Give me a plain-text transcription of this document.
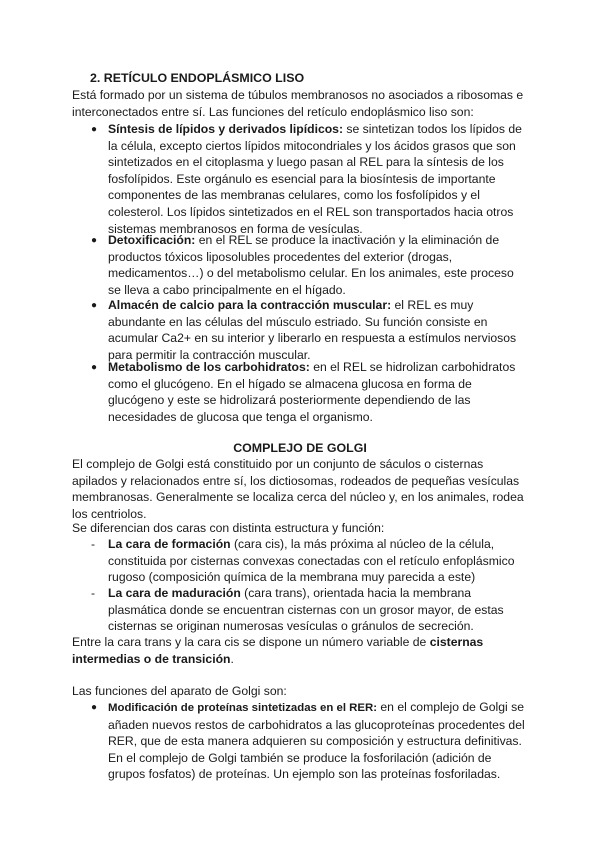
2. RETÍCULO ENDOPLÁSMICO LISO

Está formado por un sistema de túbulos membranosos no asociados a ribosomas e interconectados entre sí. Las funciones del retículo endoplásmico liso son:

● Síntesis de lípidos y derivados lipídicos: se sintetizan todos los lípidos de la célula, excepto ciertos lípidos mitocondriales y los ácidos grasos que son sintetizados en el citoplasma y luego pasan al REL para la síntesis de los fosfolípidos. Este orgánulo es esencial para la biosíntesis de importante componentes de las membranas celulares, como los fosfolípidos y el colesterol. Los lípidos sintetizados en el REL son transportados hacia otros sistemas membranosos en forma de vesículas.

● Detoxificación: en el REL se produce la inactivación y la eliminación de productos tóxicos liposolubles procedentes del exterior (drogas, medicamentos…) o del metabolismo celular. En los animales, este proceso se lleva a cabo principalmente en el hígado.

● Almacén de calcio para la contracción muscular: el REL es muy abundante en las células del músculo estriado. Su función consiste en acumular Ca2+ en su interior y liberarlo en respuesta a estímulos nerviosos para permitir la contracción muscular.

● Metabolismo de los carbohidratos: en el REL se hidrolizan carbohidratos como el glucógeno. En el hígado se almacena glucosa en forma de glucógeno y este se hidrolizará posteriormente dependiendo de las necesidades de glucosa que tenga el organismo.

COMPLEJO DE GOLGI

El complejo de Golgi está constituido por un conjunto de sáculos o cisternas apilados y relacionados entre sí, los dictiosomas, rodeados de pequeñas vesículas membranosas. Generalmente se localiza cerca del núcleo y, en los animales, rodea los centriolos.

Se diferencian dos caras con distinta estructura y función:

- La cara de formación (cara cis), la más próxima al núcleo de la célula, constituida por cisternas convexas conectadas con el retículo enfoplásmico rugoso (composición química de la membrana muy parecida a este)

- La cara de maduración (cara trans), orientada hacia la membrana plasmática donde se encuentran cisternas con un grosor mayor, de estas cisternas se originan numerosas vesículas o gránulos de secreción.

Entre la cara trans y la cara cis se dispone un número variable de cisternas intermedias o de transición.

Las funciones del aparato de Golgi son:

● Modificación de proteínas sintetizadas en el RER: en el complejo de Golgi se añaden nuevos restos de carbohidratos a las glucoproteínas procedentes del RER, que de esta manera adquieren su composición y estructura definitivas. En el complejo de Golgi también se produce la fosforilación (adición de grupos fosfatos) de proteínas. Un ejemplo son las proteínas fosforiladas.
